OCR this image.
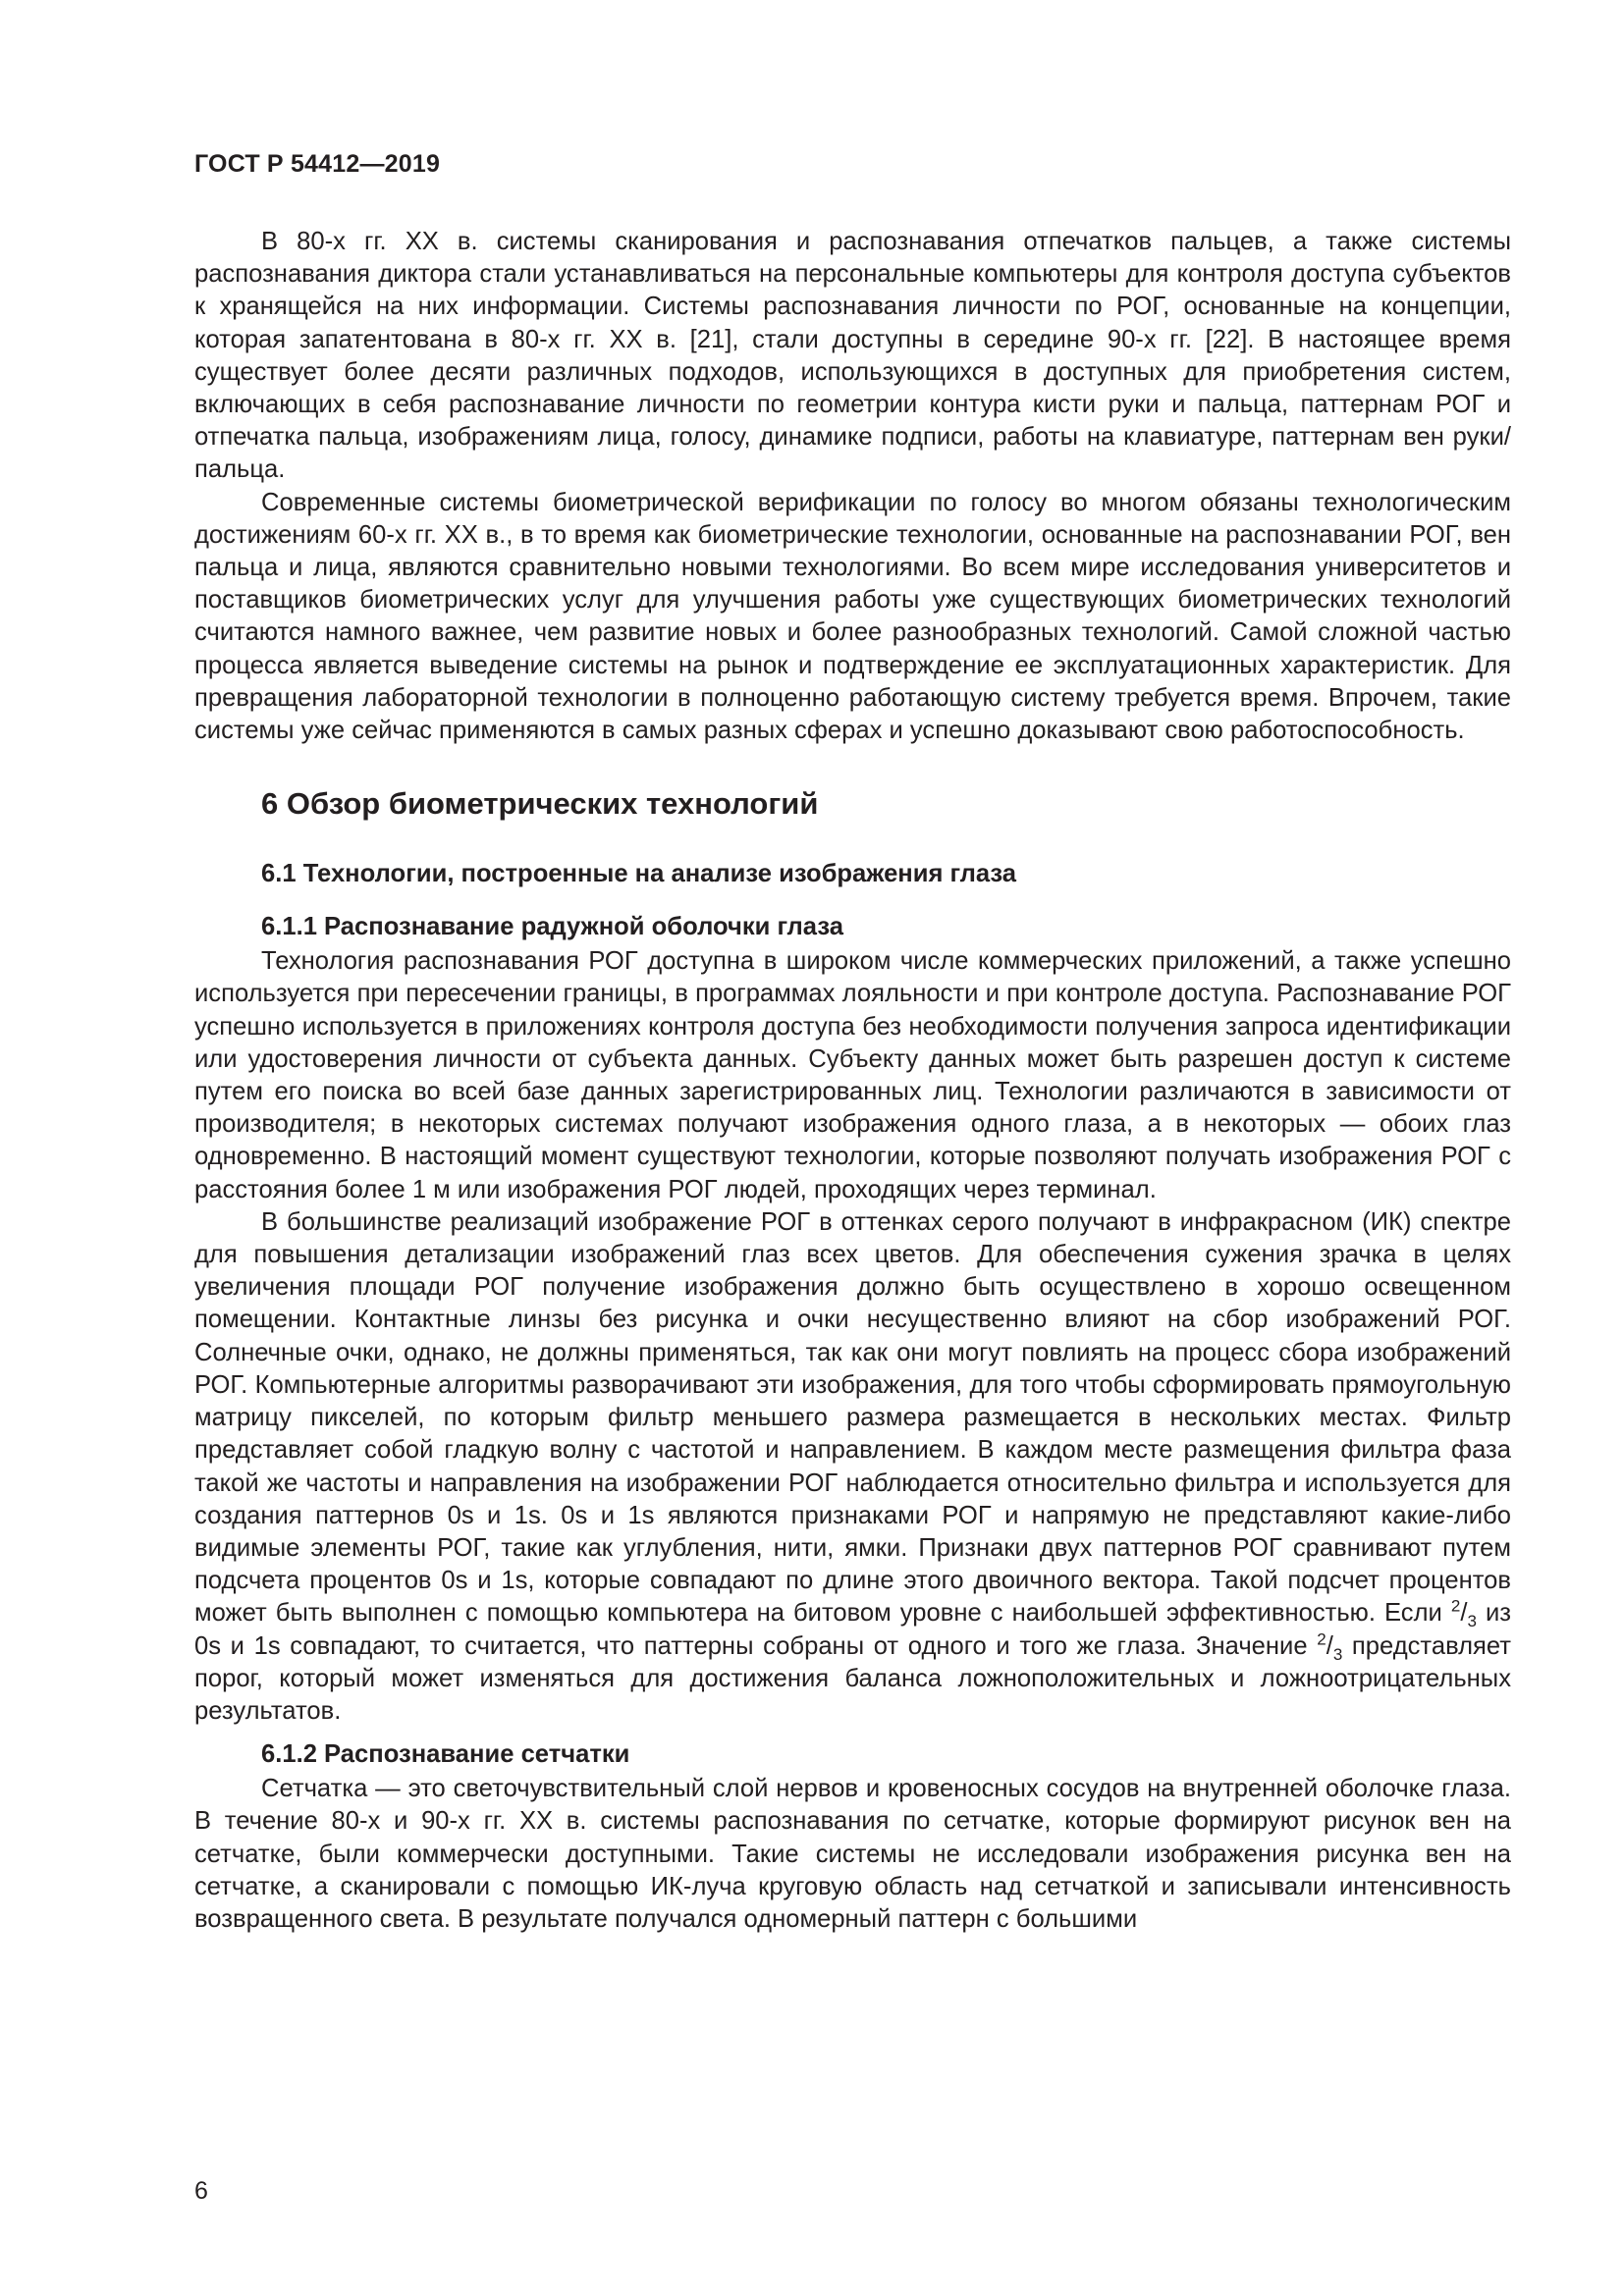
ГОСТ Р 54412—2019

В 80-х гг. XX в. системы сканирования и распознавания отпечатков пальцев, а также системы распознавания диктора стали устанавливаться на персональные компьютеры для контроля доступа субъектов к хранящейся на них информации. Системы распознавания личности по РОГ, основанные на концепции, которая запатентована в 80-х гг. XX в. [21], стали доступны в середине 90-х гг. [22]. В настоящее время существует более десяти различных подходов, использующихся в доступных для приобретения систем, включающих в себя распознавание личности по геометрии контура кисти руки и пальца, паттернам РОГ и отпечатка пальца, изображениям лица, голосу, динамике подписи, работы на клавиатуре, паттернам вен руки/пальца.

Современные системы биометрической верификации по голосу во многом обязаны технологическим достижениям 60-х гг. XX в., в то время как биометрические технологии, основанные на распознавании РОГ, вен пальца и лица, являются сравнительно новыми технологиями. Во всем мире исследования университетов и поставщиков биометрических услуг для улучшения работы уже существующих биометрических технологий считаются намного важнее, чем развитие новых и более разнообразных технологий. Самой сложной частью процесса является выведение системы на рынок и подтверждение ее эксплуатационных характеристик. Для превращения лабораторной технологии в полноценно работающую систему требуется время. Впрочем, такие системы уже сейчас применяются в самых разных сферах и успешно доказывают свою работоспособность.

6 Обзор биометрических технологий
6.1 Технологии, построенные на анализе изображения глаза
6.1.1 Распознавание радужной оболочки глаза

Технология распознавания РОГ доступна в широком числе коммерческих приложений, а также успешно используется при пересечении границы, в программах лояльности и при контроле доступа. Распознавание РОГ успешно используется в приложениях контроля доступа без необходимости получения запроса идентификации или удостоверения личности от субъекта данных. Субъекту данных может быть разрешен доступ к системе путем его поиска во всей базе данных зарегистрированных лиц. Технологии различаются в зависимости от производителя; в некоторых системах получают изображения одного глаза, а в некоторых — обоих глаз одновременно. В настоящий момент существуют технологии, которые позволяют получать изображения РОГ с расстояния более 1 м или изображения РОГ людей, проходящих через терминал.

В большинстве реализаций изображение РОГ в оттенках серого получают в инфракрасном (ИК) спектре для повышения детализации изображений глаз всех цветов. Для обеспечения сужения зрачка в целях увеличения площади РОГ получение изображения должно быть осуществлено в хорошо освещенном помещении. Контактные линзы без рисунка и очки несущественно влияют на сбор изображений РОГ. Солнечные очки, однако, не должны применяться, так как они могут повлиять на процесс сбора изображений РОГ. Компьютерные алгоритмы разворачивают эти изображения, для того чтобы сформировать прямоугольную матрицу пикселей, по которым фильтр меньшего размера размещается в нескольких местах. Фильтр представляет собой гладкую волну с частотой и направлением. В каждом месте размещения фильтра фаза такой же частоты и направления на изображении РОГ наблюдается относительно фильтра и используется для создания паттернов 0s и 1s. 0s и 1s являются признаками РОГ и напрямую не представляют какие-либо видимые элементы РОГ, такие как углубления, нити, ямки. Признаки двух паттернов РОГ сравнивают путем подсчета процентов 0s и 1s, которые совпадают по длине этого двоичного вектора. Такой подсчет процентов может быть выполнен с помощью компьютера на битовом уровне с наибольшей эффективностью. Если $^2/_3$ из 0s и 1s совпадают, то считается, что паттерны собраны от одного и того же глаза. Значение $^2/_3$ представляет порог, который может изменяться для достижения баланса ложноположительных и ложноотрицательных результатов.

6.1.2 Распознавание сетчатки

Сетчатка — это светочувствительный слой нервов и кровеносных сосудов на внутренней оболочке глаза. В течение 80-х и 90-х гг. XX в. системы распознавания по сетчатке, которые формируют рисунок вен на сетчатке, были коммерчески доступными. Такие системы не исследовали изображения рисунка вен на сетчатке, а сканировали с помощью ИК-луча круговую область над сетчаткой и записывали интенсивность возвращенного света. В результате получался одномерный паттерн с большими

6
